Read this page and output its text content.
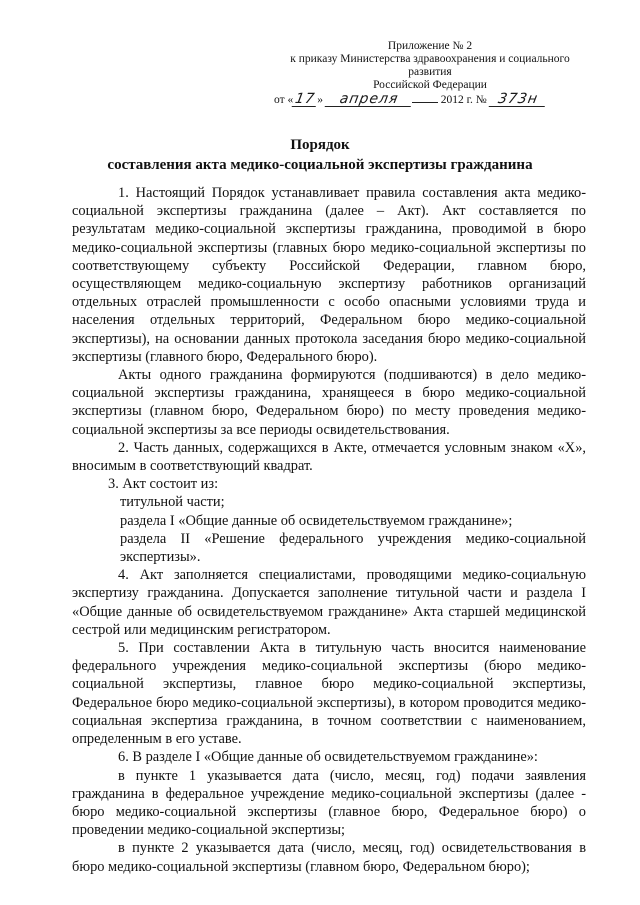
Приложение № 2
к приказу Министерства здравоохранения и социального развития
Российской Федерации
от «17» апреля	2012 г. № 373н
Порядок
составления акта медико-социальной экспертизы гражданина

1. Настоящий Порядок устанавливает правила составления акта медико-социальной экспертизы гражданина (далее – Акт). Акт составляется по результатам медико-социальной экспертизы гражданина, проводимой в бюро медико-социальной экспертизы (главных бюро медико-социальной экспертизы по соответствующему субъекту Российской Федерации, главном бюро, осуществляющем медико-социальную экспертизу работников организаций отдельных отраслей промышленности с особо опасными условиями труда и населения отдельных территорий, Федеральном бюро медико-социальной экспертизы), на основании данных протокола заседания бюро медико-социальной экспертизы (главного бюро, Федерального бюро).

Акты одного гражданина формируются (подшиваются) в дело медико-социальной экспертизы гражданина, хранящееся в бюро медико-социальной экспертизы (главном бюро, Федеральном бюро) по месту проведения медико-социальной экспертизы за все периоды освидетельствования.

2. Часть данных, содержащихся в Акте, отмечается условным знаком «Х», вносимым в соответствующий квадрат.

3. Акт состоит из:

титульной части;

раздела I «Общие данные об освидетельствуемом гражданине»;

раздела II «Решение федерального учреждения медико-социальной экспертизы».

4. Акт заполняется специалистами, проводящими медико-социальную экспертизу гражданина. Допускается заполнение титульной части и раздела I «Общие данные об освидетельствуемом гражданине» Акта старшей медицинской сестрой или медицинским регистратором.

5. При составлении Акта в титульную часть вносится наименование федерального учреждения медико-социальной экспертизы (бюро медико-социальной экспертизы, главное бюро медико-социальной экспертизы, Федеральное бюро медико-социальной экспертизы), в котором проводится медико-социальная экспертиза гражданина, в точном соответствии с наименованием, определенным в его уставе.

6. В разделе I «Общие данные об освидетельствуемом гражданине»:

в пункте 1 указывается дата (число, месяц, год) подачи заявления гражданина в федеральное учреждение медико-социальной экспертизы (далее - бюро медико-социальной экспертизы (главное бюро, Федеральное бюро) о проведении медико-социальной экспертизы;

в пункте 2 указывается дата (число, месяц, год) освидетельствования в бюро медико-социальной экспертизы (главном бюро, Федеральном бюро);
